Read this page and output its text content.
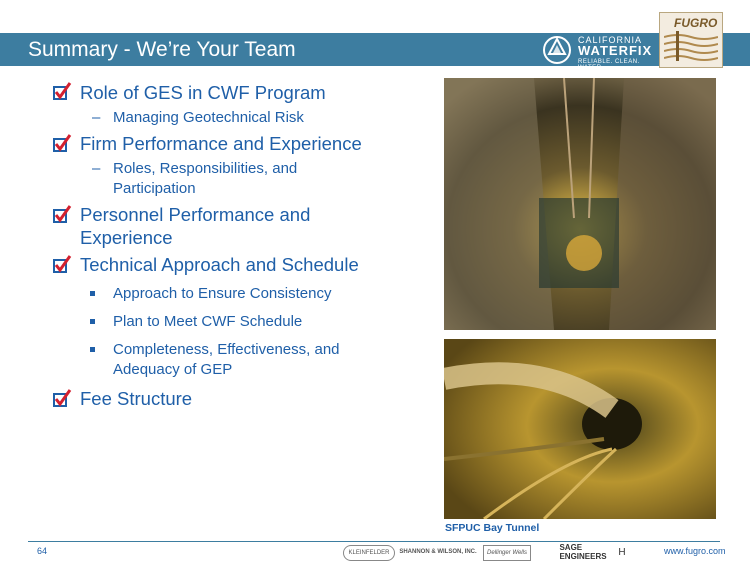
Summary - We’re Your Team	CALIFORNIA
WATERFIX
RELIABLE. CLEAN. WATER.
FUGRO
Role of GES in CWF Program
– Managing Geotechnical Risk
Firm Performance and Experience
– Roles, Responsibilities, and
Participation
Personnel Performance and
Experience
Technical Approach and Schedule
Approach to Ensure Consistency
Plan to Meet CWF Schedule
Completeness, Effectiveness, and
Adequacy of GEP
Fee Structure
SFPUC Bay Tunnel
64	www.fugro.com
KLEINFELDER	SHANNON & WILSON, INC.	Dellinger Wells
SAGE ENGINEERS	H
